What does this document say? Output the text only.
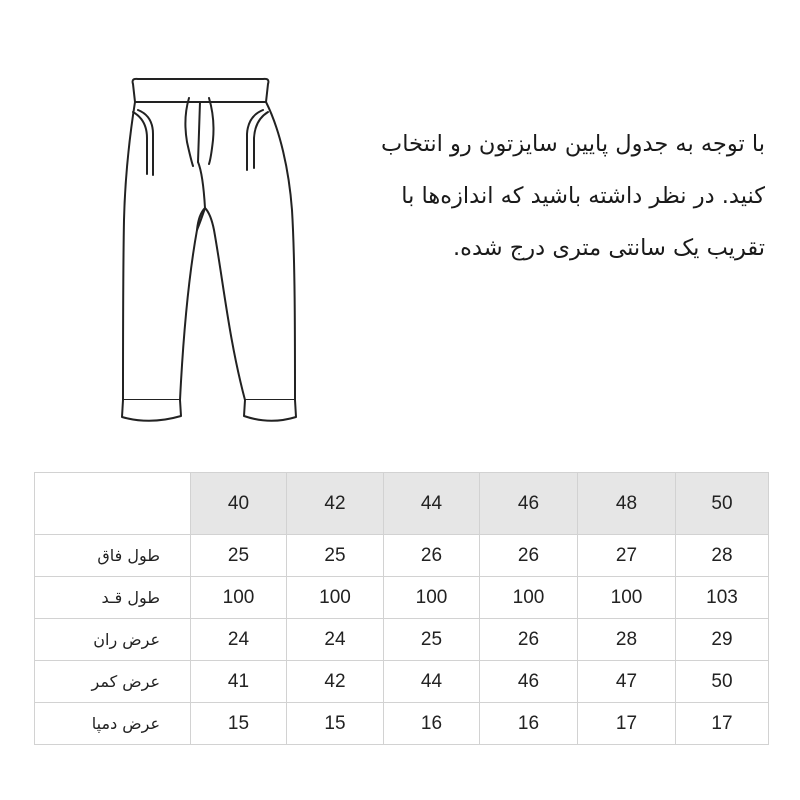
با توجه به جدول پایین سایزتون رو انتخاب کنید. در نظر داشته باشید که اندازه‌ها با تقریب یک سانتی متری درج شده.

	40	42	44	46	48	50
طول فاق	25	25	26	26	27	28
طول قـد	100	100	100	100	100	103
عرض ران	24	24	25	26	28	29
عرض کمر	41	42	44	46	47	50
عرض دمپا	15	15	16	16	17	17
